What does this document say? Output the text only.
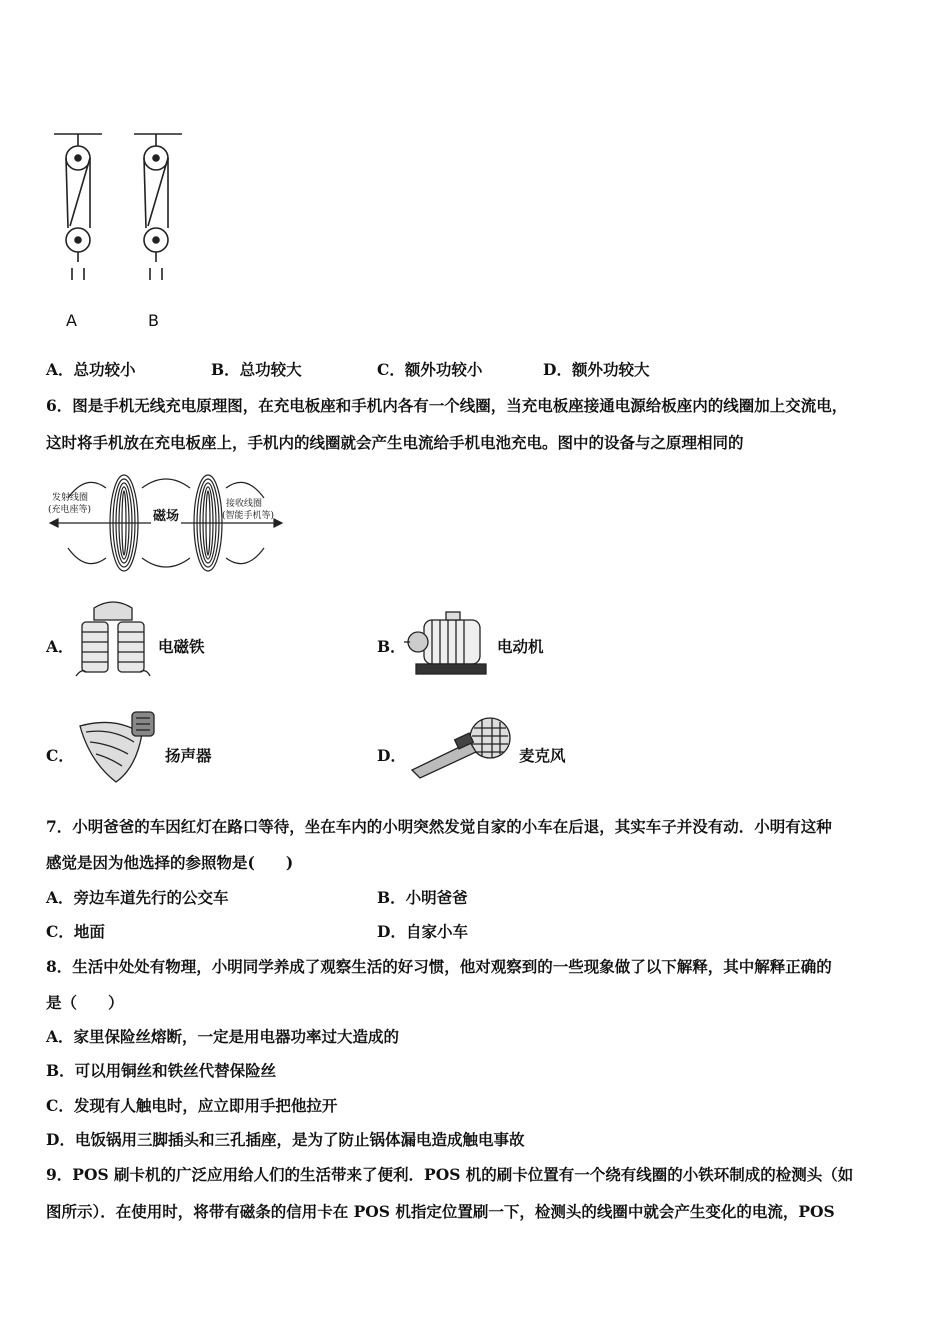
A	B
A．总功较小	B．总功较大	C．额外功较小	D．额外功较大
6．图是手机无线充电原理图，在充电板座和手机内各有一个线圈，当充电板座接通电源给板座内的线圈加上交流电，
这时将手机放在充电板座上，手机内的线圈就会产生电流给手机电池充电。图中的设备与之原理相同的
发射线圈
(充电座等)
接收线圈
(智能手机等)
磁场
A．	电磁铁	B．	电动机
C．	扬声器	D．	麦克风
7．小明爸爸的车因红灯在路口等待，坐在车内的小明突然发觉自家的小车在后退，其实车子并没有动．小明有这种
感觉是因为他选择的参照物是(　　)
A．旁边车道先行的公交车	B．小明爸爸
C．地面	D．自家小车
8．生活中处处有物理，小明同学养成了观察生活的好习惯，他对观察到的一些现象做了以下解释，其中解释正确的
是（　　）
A．家里保险丝熔断，一定是用电器功率过大造成的
B．可以用铜丝和铁丝代替保险丝
C．发现有人触电时，应立即用手把他拉开
D．电饭锅用三脚插头和三孔插座，是为了防止锅体漏电造成触电事故
9．POS 刷卡机的广泛应用给人们的生活带来了便利．POS 机的刷卡位置有一个绕有线圈的小铁环制成的检测头（如
图所示）．在使用时，将带有磁条的信用卡在 POS 机指定位置刷一下，检测头的线圈中就会产生变化的电流，POS
